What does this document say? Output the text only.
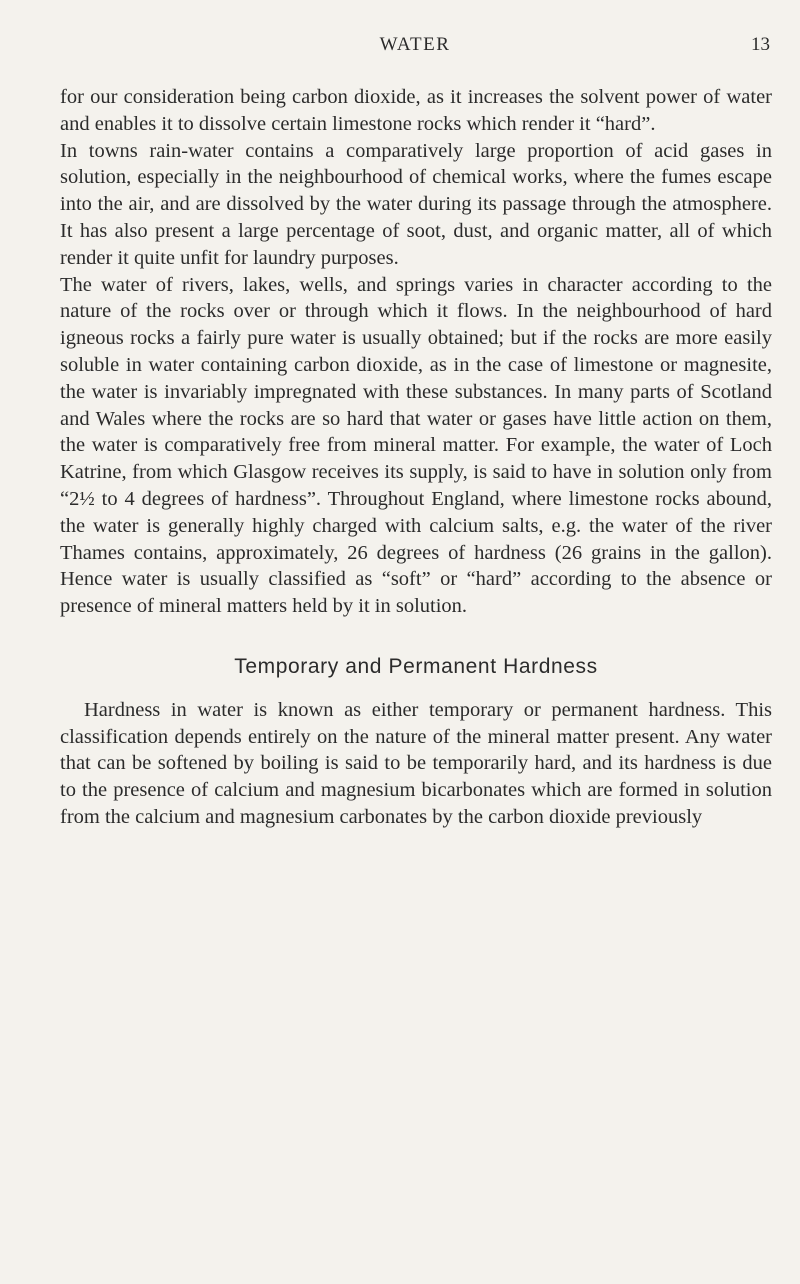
WATER	13

for our consideration being carbon dioxide, as it increases the solvent power of water and enables it to dissolve certain limestone rocks which render it “hard”.

In towns rain-water contains a comparatively large proportion of acid gases in solution, especially in the neighbourhood of chemical works, where the fumes escape into the air, and are dissolved by the water during its passage through the atmosphere. It has also present a large percentage of soot, dust, and organic matter, all of which render it quite unfit for laundry purposes.

The water of rivers, lakes, wells, and springs varies in character according to the nature of the rocks over or through which it flows. In the neighbourhood of hard igneous rocks a fairly pure water is usually obtained; but if the rocks are more easily soluble in water containing carbon dioxide, as in the case of limestone or magnesite, the water is invariably impregnated with these substances. In many parts of Scotland and Wales where the rocks are so hard that water or gases have little action on them, the water is comparatively free from mineral matter. For example, the water of Loch Katrine, from which Glasgow receives its supply, is said to have in solution only from “2½ to 4 degrees of hardness”. Throughout England, where limestone rocks abound, the water is generally highly charged with calcium salts, e.g. the water of the river Thames contains, approximately, 26 degrees of hardness (26 grains in the gallon). Hence water is usually classified as “soft” or “hard” according to the absence or presence of mineral matters held by it in solution.

Temporary and Permanent Hardness

Hardness in water is known as either temporary or permanent hardness. This classification depends entirely on the nature of the mineral matter present. Any water that can be softened by boiling is said to be temporarily hard, and its hardness is due to the presence of calcium and magnesium bicarbonates which are formed in solution from the calcium and magnesium carbonates by the carbon dioxide previously
